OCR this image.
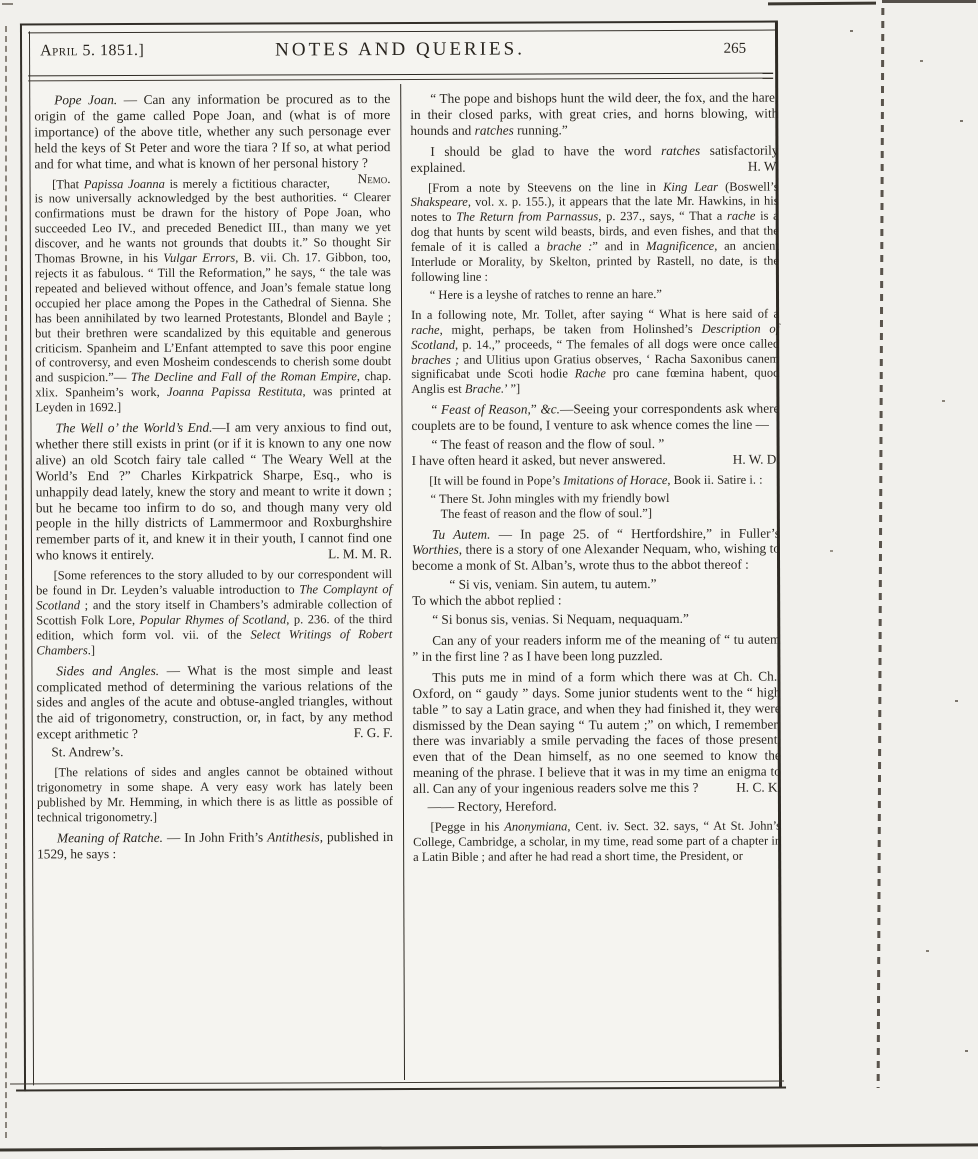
April 5. 1851.]	NOTES AND QUERIES.	265

Pope Joan. — Can any information be procured as to the origin of the game called Pope Joan, and (what is of more importance) of the above title, whether any such personage ever held the keys of St Peter and wore the tiara ? If so, at what period and for what time, and what is known of her personal history ?
Nemo.

[That Papissa Joanna is merely a fictitious character, is now universally acknowledged by the best authorities. “ Clearer confirmations must be drawn for the history of Pope Joan, who succeeded Leo IV., and preceded Benedict III., than many we yet discover, and he wants not grounds that doubts it.” So thought Sir Thomas Browne, in his Vulgar Errors, B. vii. Ch. 17. Gibbon, too, rejects it as fabulous. “ Till the Reformation,” he says, “ the tale was repeated and believed without offence, and Joan’s female statue long occupied her place among the Popes in the Cathedral of Sienna. She has been annihilated by two learned Protestants, Blondel and Bayle ; but their brethren were scandalized by this equitable and generous criticism. Spanheim and L’Enfant attempted to save this poor engine of controversy, and even Mosheim condescends to cherish some doubt and suspicion.”— The Decline and Fall of the Roman Empire, chap. xlix. Spanheim’s work, Joanna Papissa Restituta, was printed at Leyden in 1692.]

The Well o’ the World’s End.—I am very anxious to find out, whether there still exists in print (or if it is known to any one now alive) an old Scotch fairy tale called “ The Weary Well at the World’s End ?” Charles Kirkpatrick Sharpe, Esq., who is unhappily dead lately, knew the story and meant to write it down ; but he became too infirm to do so, and though many very old people in the hilly districts of Lammermoor and Roxburghshire remember parts of it, and knew it in their youth, I cannot find one who knows it entirely.	L. M. M. R.

[Some references to the story alluded to by our correspondent will be found in Dr. Leyden’s valuable introduction to The Complaynt of Scotland ; and the story itself in Chambers’s admirable collection of Scottish Folk Lore, Popular Rhymes of Scotland, p. 236. of the third edition, which form vol. vii. of the Select Writings of Robert Chambers.]

Sides and Angles. — What is the most simple and least complicated method of determining the various relations of the sides and angles of the acute and obtuse-angled triangles, without the aid of trigonometry, construction, or, in fact, by any method except arithmetic ?	F. G. F.

St. Andrew’s.

[The relations of sides and angles cannot be obtained without trigonometry in some shape. A very easy work has lately been published by Mr. Hemming, in which there is as little as possible of technical trigonometry.]

Meaning of Ratche. — In John Frith’s Antithesis, published in 1529, he says :

“ The pope and bishops hunt the wild deer, the fox, and the hare, in their closed parks, with great cries, and horns blowing, with hounds and ratches running.”

I should be glad to have the word ratches satisfactorily explained.	H. W.

[From a note by Steevens on the line in King Lear (Boswell’s Shakspeare, vol. x. p. 155.), it appears that the late Mr. Hawkins, in his notes to The Return from Parnassus, p. 237., says, “ That a rache is a dog that hunts by scent wild beasts, birds, and even fishes, and that the female of it is called a brache :” and in Magnificence, an ancient Interlude or Morality, by Skelton, printed by Rastell, no date, is the following line :

“ Here is a leyshe of ratches to renne an hare.”

In a following note, Mr. Tollet, after saying “ What is here said of a rache, might, perhaps, be taken from Holinshed’s Description of Scotland, p. 14.,” proceeds, “ The females of all dogs were once called braches ; and Ulitius upon Gratius observes, ‘ Racha Saxonibus canem significabat unde Scoti hodie Rache pro cane fœmina habent, quod Anglis est Brache.’ ”]

“ Feast of Reason,” &c.—Seeing your correspondents ask where couplets are to be found, I venture to ask whence comes the line —

“ The feast of reason and the flow of soul. ”

I have often heard it asked, but never answered.	H. W. D.

[It will be found in Pope’s Imitations of Horace, Book ii. Satire i. :

“ There St. John mingles with my friendly bowl

The feast of reason and the flow of soul.”]

Tu Autem. — In page 25. of “ Hertfordshire,” in Fuller’s Worthies, there is a story of one Alexander Nequam, who, wishing to become a monk of St. Alban’s, wrote thus to the abbot thereof :

“ Si vis, veniam. Sin autem, tu autem.”

To which the abbot replied :

“ Si bonus sis, venias. Si Nequam, nequaquam.”

Can any of your readers inform me of the meaning of “ tu autem ” in the first line ? as I have been long puzzled.

This puts me in mind of a form which there was at Ch. Ch., Oxford, on “ gaudy ” days. Some junior students went to the “ high table ” to say a Latin grace, and when they had finished it, they were dismissed by the Dean saying “ Tu autem ;” on which, I remember, there was invariably a smile pervading the faces of those present, even that of the Dean himself, as no one seemed to know the meaning of the phrase. I believe that it was in my time an enigma to all. Can any of your ingenious readers solve me this ?	H. C. K.

—— Rectory, Hereford.

[Pegge in his Anonymiana, Cent. iv. Sect. 32. says, “ At St. John’s College, Cambridge, a scholar, in my time, read some part of a chapter in a Latin Bible ; and after he had read a short time, the President, or
